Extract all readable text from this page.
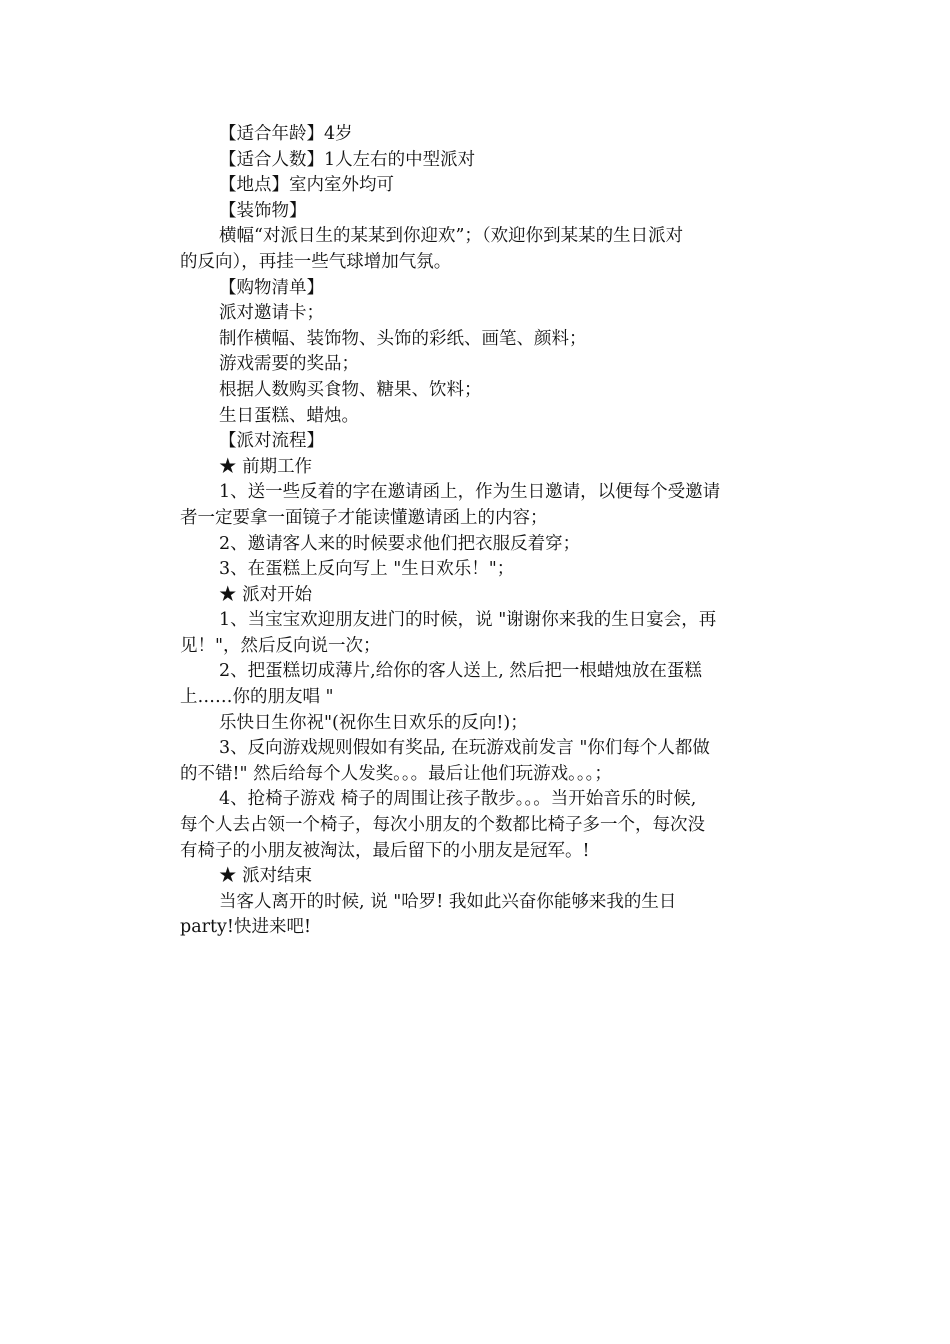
【适合年龄】4岁

【适合人数】1人左右的中型派对

【地点】室内室外均可

【装饰物】

横幅“对派日生的某某到你迎欢”；（欢迎你到某某的生日派对

的反向），再挂一些气球增加气氛。

【购物清单】

派对邀请卡；

制作横幅、装饰物、头饰的彩纸、画笔、颜料；

游戏需要的奖品；

根据人数购买食物、糖果、饮料；

生日蛋糕、蜡烛。

【派对流程】

★ 前期工作

1、送一些反着的字在邀请函上，作为生日邀请，以便每个受邀请

者一定要拿一面镜子才能读懂邀请函上的内容；

2、邀请客人来的时候要求他们把衣服反着穿；

3、在蛋糕上反向写上 "生日欢乐！"；

★ 派对开始

1、当宝宝欢迎朋友进门的时候，说 "谢谢你来我的生日宴会，再

见！"，然后反向说一次；

2、把蛋糕切成薄片,给你的客人送上, 然后把一根蜡烛放在蛋糕

上……你的朋友唱 "

乐快日生你祝"(祝你生日欢乐的反向!)；

3、反向游戏规则假如有奖品, 在玩游戏前发言 "你们每个人都做

的不错!" 然后给每个人发奖。。。最后让他们玩游戏。。。；

4、抢椅子游戏 椅子的周围让孩子散步。。。当开始音乐的时候,

每个人去占领一个椅子，每次小朋友的个数都比椅子多一个，每次没

有椅子的小朋友被淘汰，最后留下的小朋友是冠军。!

★ 派对结束

当客人离开的时候, 说 "哈罗! 我如此兴奋你能够来我的生日

party!快进来吧!
